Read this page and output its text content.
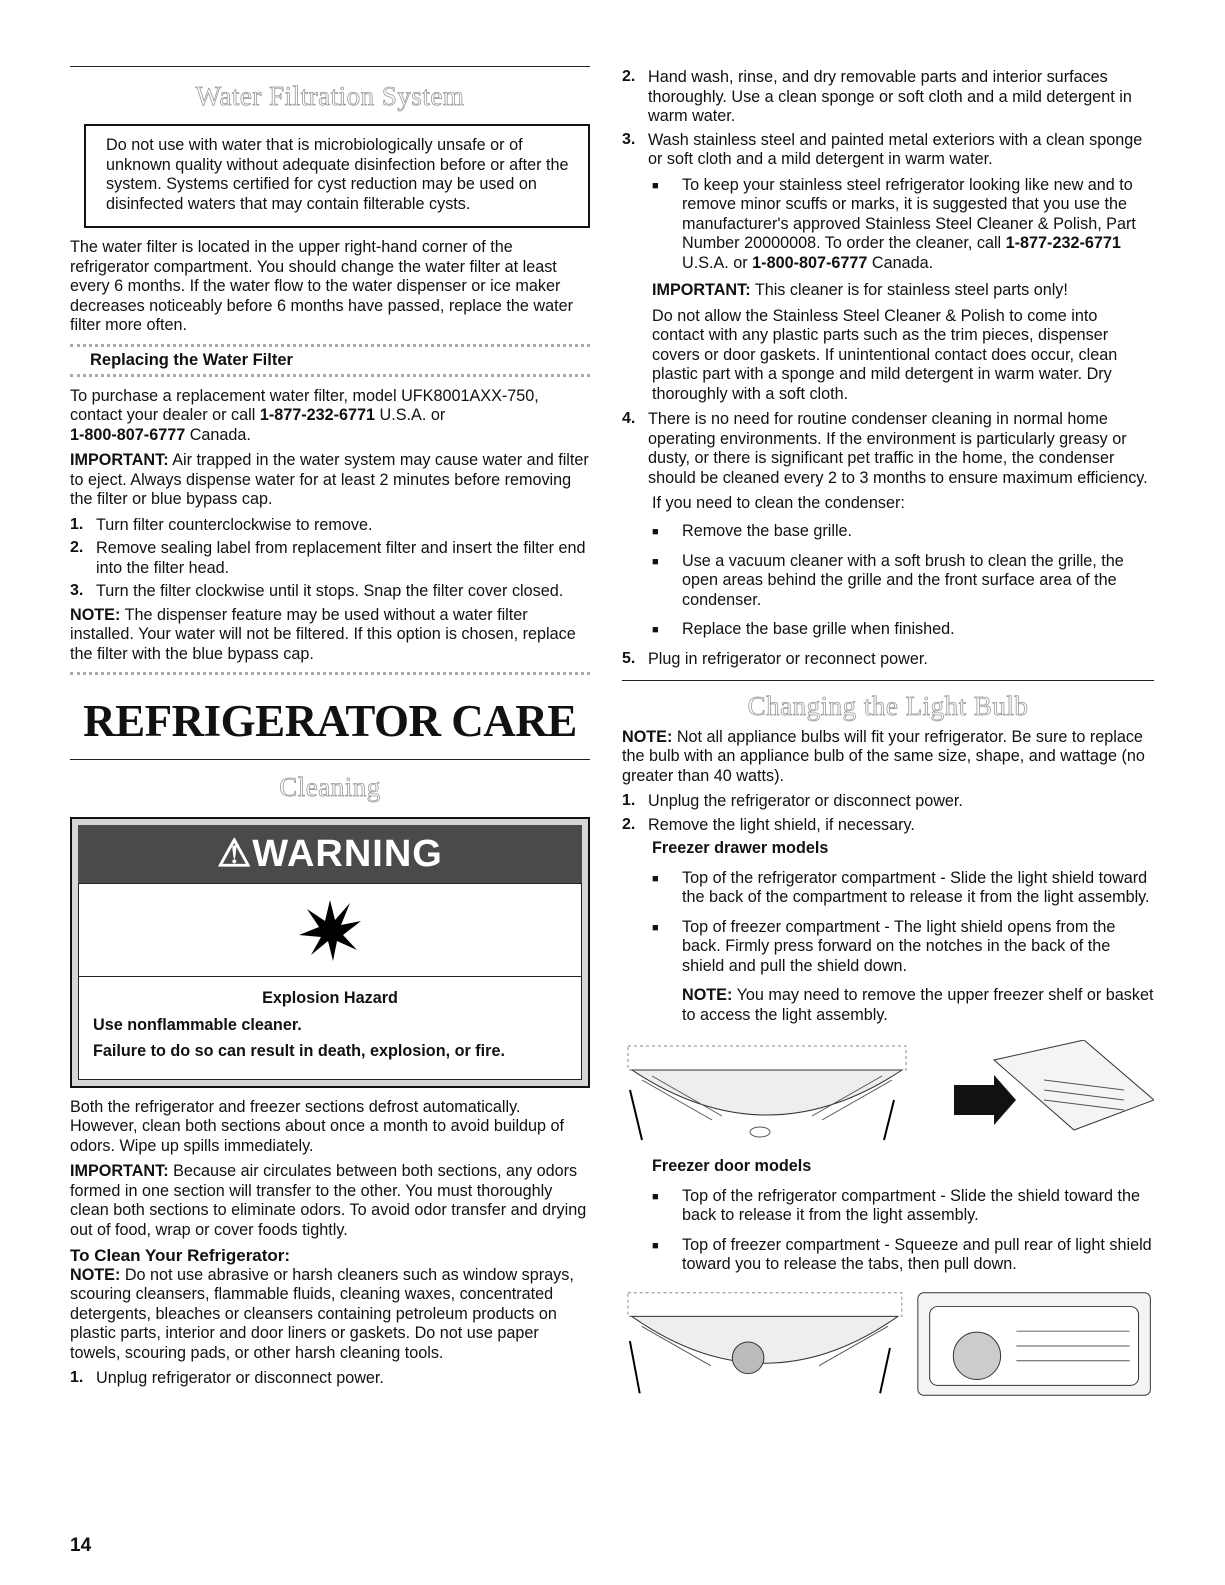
Water Filtration System

Do not use with water that is microbiologically unsafe or of unknown quality without adequate disinfection before or after the system. Systems certified for cyst reduction may be used on disinfected waters that may contain filterable cysts.

The water filter is located in the upper right-hand corner of the refrigerator compartment. You should change the water filter at least every 6 months. If the water flow to the water dispenser or ice maker decreases noticeably before 6 months have passed, replace the water filter more often.

Replacing the Water Filter

To purchase a replacement water filter, model UFK8001AXX-750, contact your dealer or call 1-877-232-6771 U.S.A. or
1-800-807-6777 Canada.

IMPORTANT: Air trapped in the water system may cause water and filter to eject. Always dispense water for at least 2 minutes before removing the filter or blue bypass cap.

1. Turn filter counterclockwise to remove.

2. Remove sealing label from replacement filter and insert the filter end into the filter head.

3. Turn the filter clockwise until it stops. Snap the filter cover closed.

NOTE: The dispenser feature may be used without a water filter installed. Your water will not be filtered. If this option is chosen, replace the filter with the blue bypass cap.

REFRIGERATOR CARE
Cleaning
⚠WARNING

Explosion Hazard

Use nonflammable cleaner.

Failure to do so can result in death, explosion, or fire.

Both the refrigerator and freezer sections defrost automatically. However, clean both sections about once a month to avoid buildup of odors. Wipe up spills immediately.

IMPORTANT: Because air circulates between both sections, any odors formed in one section will transfer to the other. You must thoroughly clean both sections to eliminate odors. To avoid odor transfer and drying out of food, wrap or cover foods tightly.

To Clean Your Refrigerator:

NOTE: Do not use abrasive or harsh cleaners such as window sprays, scouring cleansers, flammable fluids, cleaning waxes, concentrated detergents, bleaches or cleansers containing petroleum products on plastic parts, interior and door liners or gaskets. Do not use paper towels, scouring pads, or other harsh cleaning tools.

1. Unplug refrigerator or disconnect power.

2. Hand wash, rinse, and dry removable parts and interior surfaces thoroughly. Use a clean sponge or soft cloth and a mild detergent in warm water.

3. Wash stainless steel and painted metal exteriors with a clean sponge or soft cloth and a mild detergent in warm water.

■	To keep your stainless steel refrigerator looking like new and to remove minor scuffs or marks, it is suggested that you use the manufacturer's approved Stainless Steel Cleaner & Polish, Part Number 20000008. To order the cleaner, call 1-877-232-6771 U.S.A. or 1-800-807-6777 Canada.

IMPORTANT: This cleaner is for stainless steel parts only!

Do not allow the Stainless Steel Cleaner & Polish to come into contact with any plastic parts such as the trim pieces, dispenser covers or door gaskets. If unintentional contact does occur, clean plastic part with a sponge and mild detergent in warm water. Dry thoroughly with a soft cloth.

4. There is no need for routine condenser cleaning in normal home operating environments. If the environment is particularly greasy or dusty, or there is significant pet traffic in the home, the condenser should be cleaned every 2 to 3 months to ensure maximum efficiency.

If you need to clean the condenser:

■	Remove the base grille.

■	Use a vacuum cleaner with a soft brush to clean the grille, the open areas behind the grille and the front surface area of the condenser.

■	Replace the base grille when finished.

5. Plug in refrigerator or reconnect power.

Changing the Light Bulb

NOTE: Not all appliance bulbs will fit your refrigerator. Be sure to replace the bulb with an appliance bulb of the same size, shape, and wattage (no greater than 40 watts).

1. Unplug the refrigerator or disconnect power.

2. Remove the light shield, if necessary.

Freezer drawer models

■	Top of the refrigerator compartment - Slide the light shield toward the back of the compartment to release it from the light assembly.

■	Top of freezer compartment - The light shield opens from the back. Firmly press forward on the notches in the back of the shield and pull the shield down.

NOTE: You may need to remove the upper freezer shelf or basket to access the light assembly.

Freezer door models

■	Top of the refrigerator compartment - Slide the shield toward the back to release it from the light assembly.

■	Top of freezer compartment - Squeeze and pull rear of light shield toward you to release the tabs, then pull down.

14
